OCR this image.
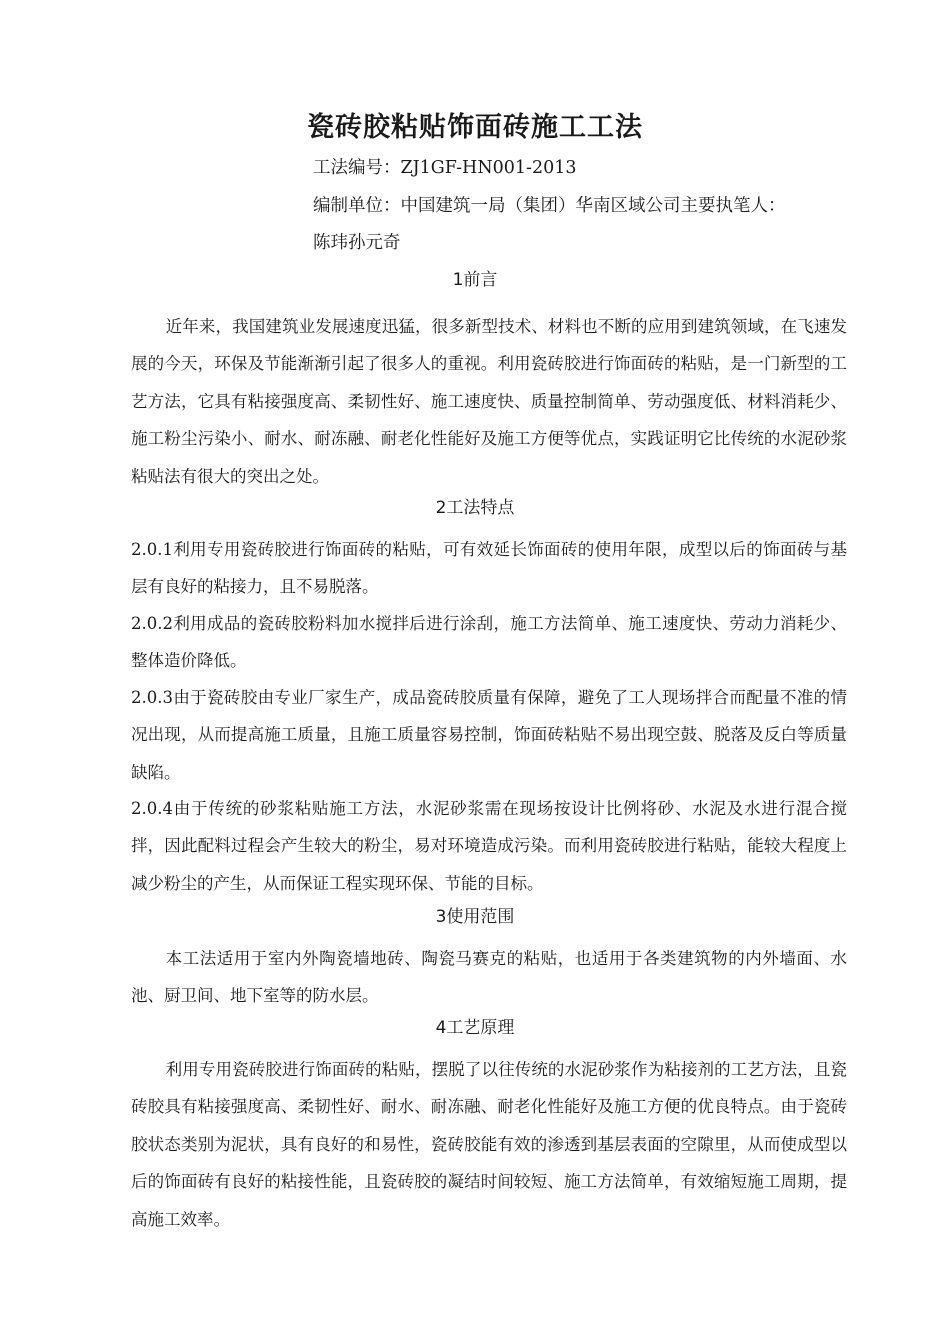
瓷砖胶粘贴饰面砖施工工法
工法编号：ZJ1GF-HN001-2013
编制单位：中国建筑一局（集团）华南区域公司主要执笔人：
陈玮孙元奇
1前言
近年来，我国建筑业发展速度迅猛，很多新型技术、材料也不断的应用到建筑领域，在飞速发展的今天，环保及节能渐渐引起了很多人的重视。利用瓷砖胶进行饰面砖的粘贴，是一门新型的工艺方法，它具有粘接强度高、柔韧性好、施工速度快、质量控制简单、劳动强度低、材料消耗少、施工粉尘污染小、耐水、耐冻融、耐老化性能好及施工方便等优点，实践证明它比传统的水泥砂浆粘贴法有很大的突出之处。
2工法特点
2.0.1利用专用瓷砖胶进行饰面砖的粘贴，可有效延长饰面砖的使用年限，成型以后的饰面砖与基层有良好的粘接力，且不易脱落。
2.0.2利用成品的瓷砖胶粉料加水搅拌后进行涂刮，施工方法简单、施工速度快、劳动力消耗少、整体造价降低。
2.0.3由于瓷砖胶由专业厂家生产，成品瓷砖胶质量有保障，避免了工人现场拌合而配量不准的情况出现，从而提高施工质量，且施工质量容易控制，饰面砖粘贴不易出现空鼓、脱落及反白等质量缺陷。
2.0.4由于传统的砂浆粘贴施工方法，水泥砂浆需在现场按设计比例将砂、水泥及水进行混合搅拌，因此配料过程会产生较大的粉尘，易对环境造成污染。而利用瓷砖胶进行粘贴，能较大程度上减少粉尘的产生，从而保证工程实现环保、节能的目标。
3使用范围
本工法适用于室内外陶瓷墙地砖、陶瓷马赛克的粘贴，也适用于各类建筑物的内外墙面、水池、厨卫间、地下室等的防水层。
4工艺原理
利用专用瓷砖胶进行饰面砖的粘贴，摆脱了以往传统的水泥砂浆作为粘接剂的工艺方法，且瓷砖胶具有粘接强度高、柔韧性好、耐水、耐冻融、耐老化性能好及施工方便的优良特点。由于瓷砖胶状态类别为泥状，具有良好的和易性，瓷砖胶能有效的渗透到基层表面的空隙里，从而使成型以后的饰面砖有良好的粘接性能，且瓷砖胶的凝结时间较短、施工方法简单，有效缩短施工周期，提高施工效率。
